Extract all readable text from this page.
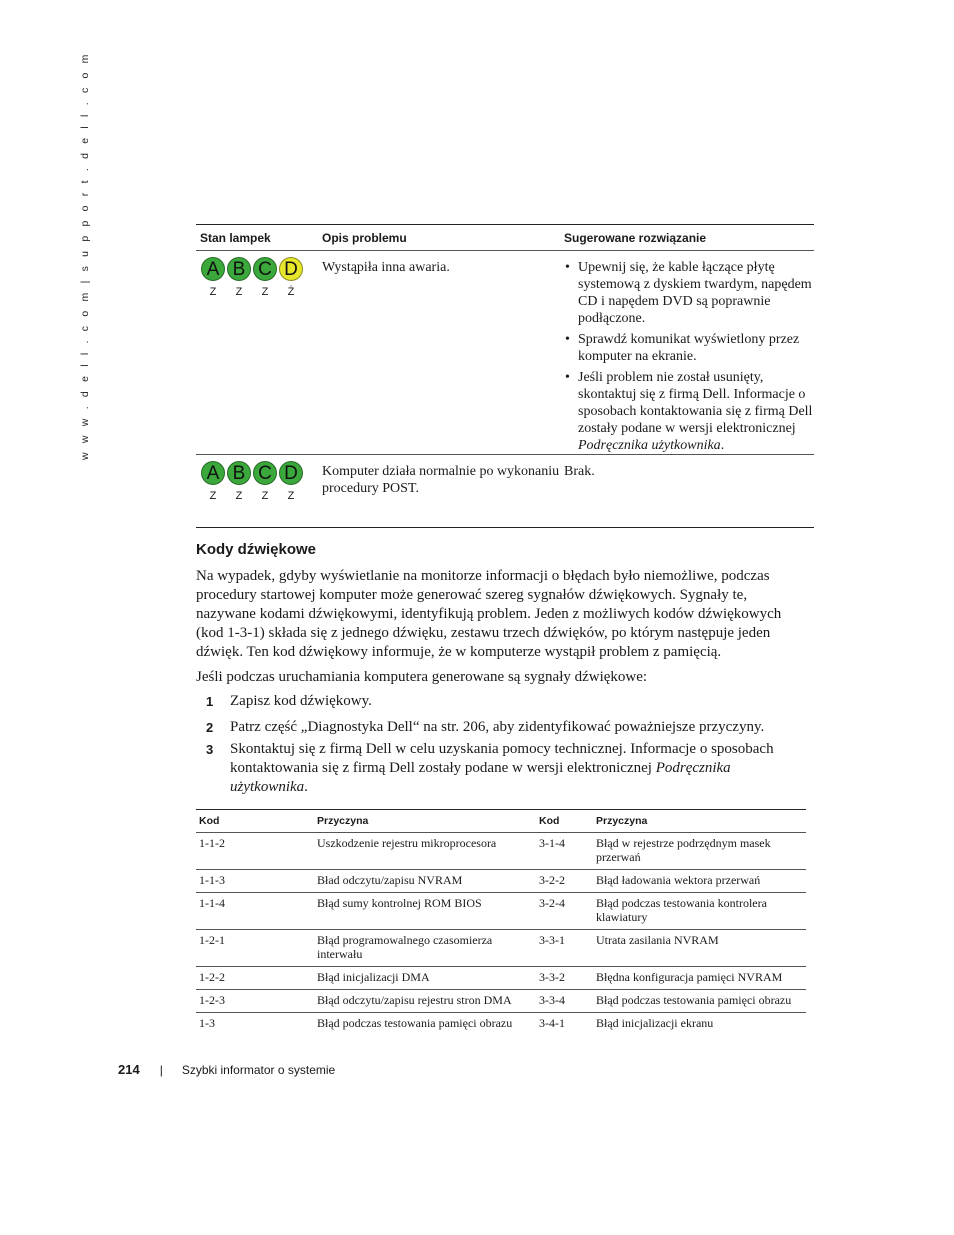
w w w . d e l l . c o m | s u p p o r t . d e l l . c o m	Stan lampek	Opis problemu	Sugerowane rozwiązanie
A B C D
Z	Z	Z	Ż
Wystąpiła inna awaria.
•	Upewnij się, że kable łączące płytę systemową z dyskiem twardym, napędem CD i napędem DVD są poprawnie podłączone.
• Sprawdź komunikat wyświetlony przez komputer na ekranie.
• Jeśli problem nie został usunięty, skontaktuj się z firmą Dell. Informacje o sposobach kontaktowania się z firmą Dell zostały podane w wersji elektronicznej Podręcznika użytkownika.
A B C D
Z	Z	Z	Z
Komputer działa normalnie po wykonaniu procedury POST.
Brak.
Kody dźwiękowe
Na wypadek, gdyby wyświetlanie na monitorze informacji o błędach było niemożliwe, podczas procedury startowej komputer może generować szereg sygnałów dźwiękowych. Sygnały te, nazywane kodami dźwiękowymi, identyfikują problem. Jeden z możliwych kodów dźwiękowych (kod 1-3-1) składa się z jednego dźwięku, zestawu trzech dźwięków, po którym następuje jeden dźwięk. Ten kod dźwiękowy informuje, że w komputerze wystąpił problem z pamięcią.
Jeśli podczas uruchamiania komputera generowane są sygnały dźwiękowe:
1	Zapisz kod dźwiękowy.
2	Patrz część „Diagnostyka Dell“ na str. 206, aby zidentyfikować poważniejsze przyczyny.
3	Skontaktuj się z firmą Dell w celu uzyskania pomocy technicznej. Informacje o sposobach kontaktowania się z firmą Dell zostały podane w wersji elektronicznej Podręcznika użytkownika.
Kod	Przyczyna	Kod	Przyczyna
1-1-2	Uszkodzenie rejestru mikroprocesora	3-1-4	Błąd w rejestrze podrzędnym masek przerwań
1-1-3	Bład odczytu/zapisu NVRAM	3-2-2	Błąd ładowania wektora przerwań
1-1-4	Błąd sumy kontrolnej ROM BIOS	3-2-4	Błąd podczas testowania kontrolera klawiatury
1-2-1	Błąd programowalnego czasomierza interwału
3-3-1	Utrata zasilania NVRAM
1-2-2	Błąd inicjalizacji DMA	3-3-2	Błędna konfiguracja pamięci NVRAM
1-2-3	Błąd odczytu/zapisu rejestru stron DMA	3-3-4	Błąd podczas testowania pamięci obrazu
1-3	Błąd podczas testowania pamięci obrazu	3-4-1	Błąd inicjalizacji ekranu
214 | Szybki informator o systemie
